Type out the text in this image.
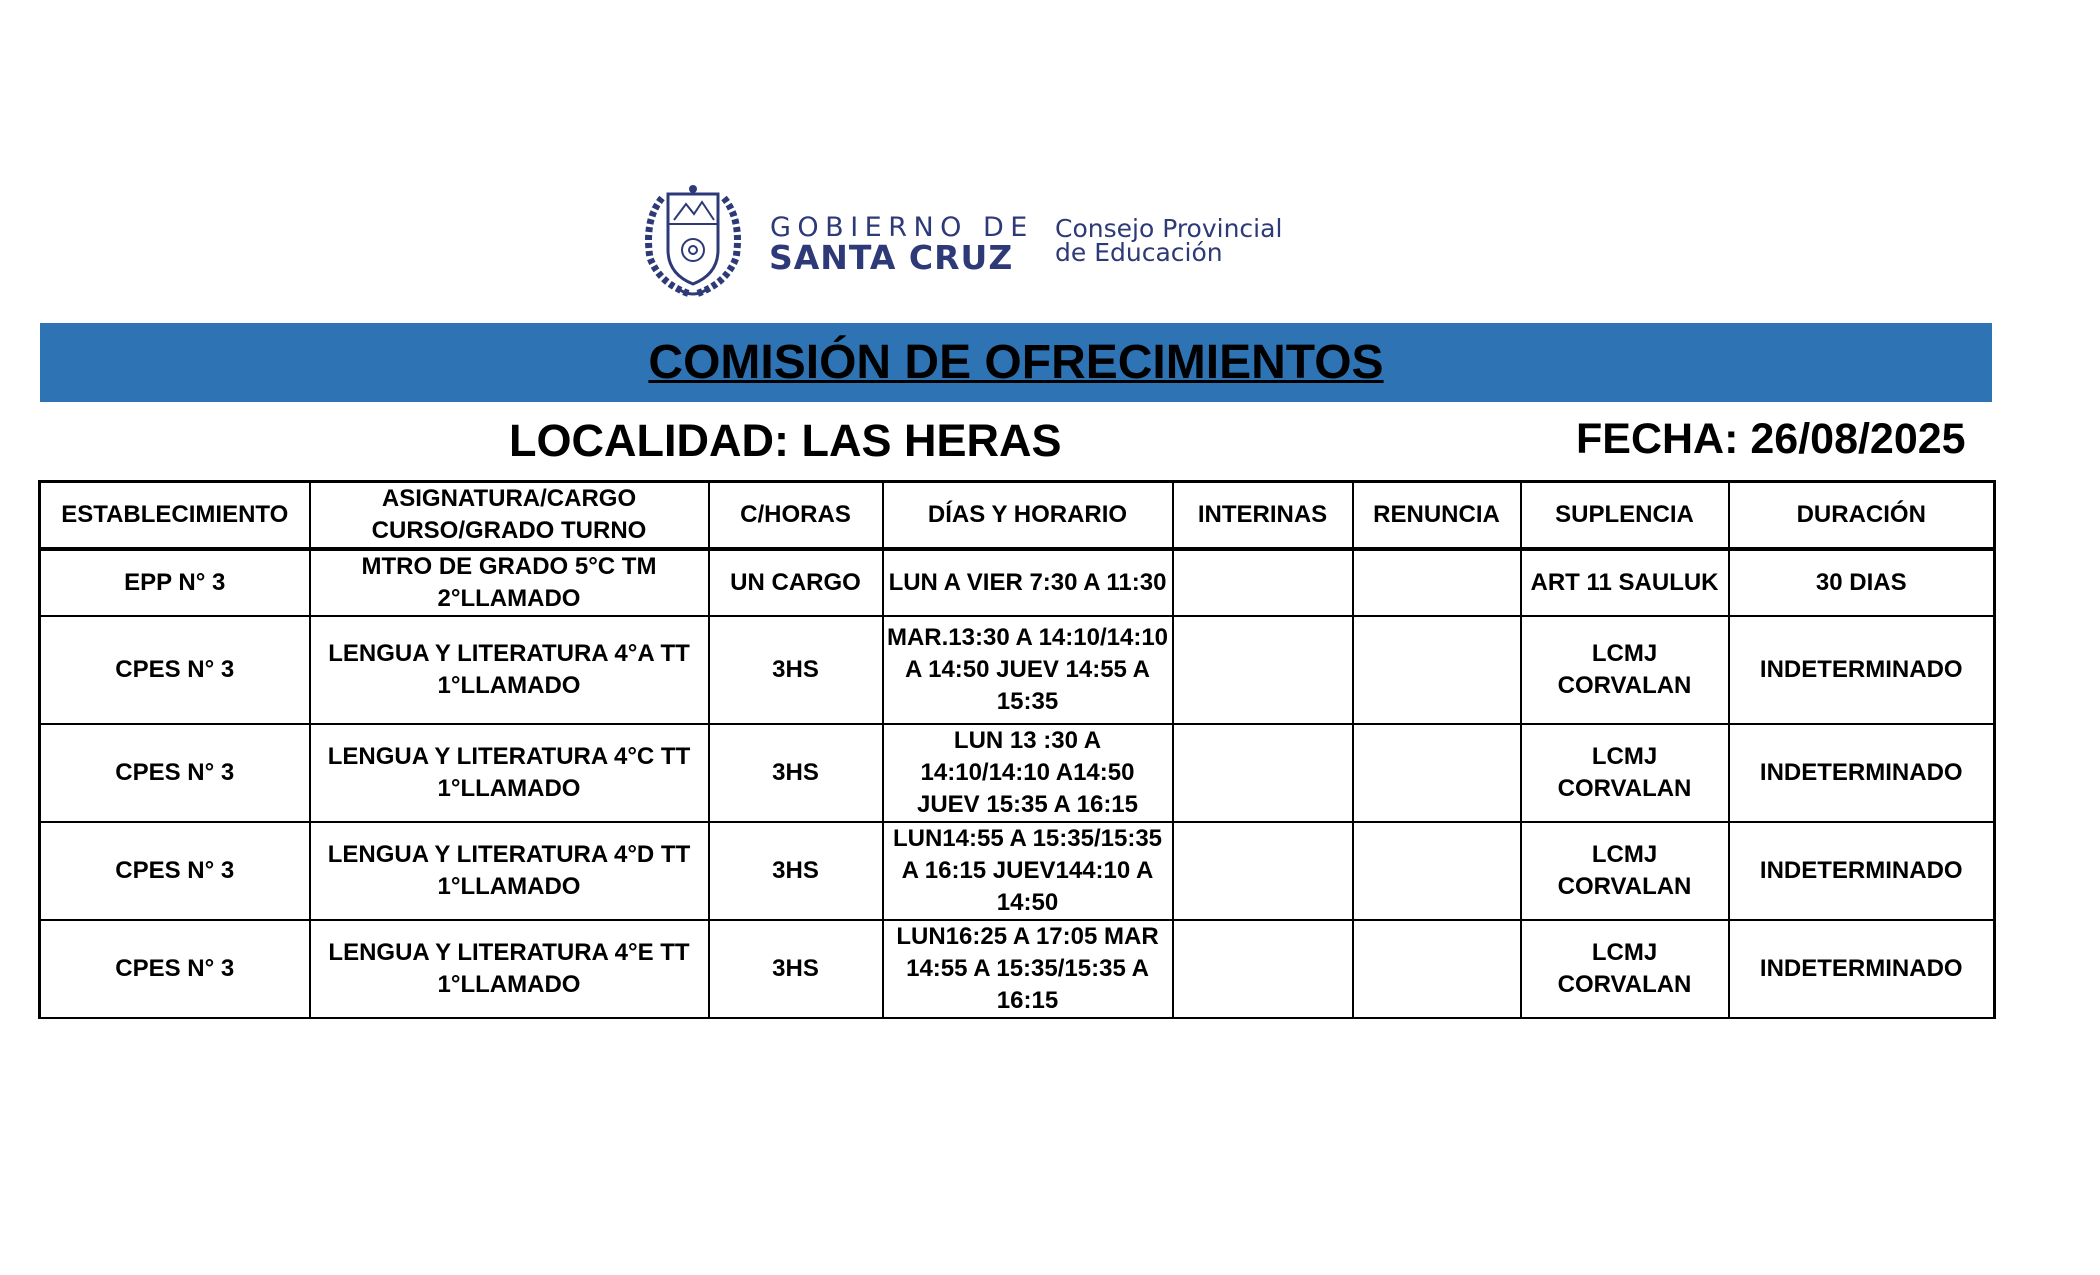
GOBIERNO DE
SANTA CRUZ
Consejo Provincial
de Educación
COMISIÓN DE OFRECIMIENTOS
LOCALIDAD: LAS HERAS	FECHA: 26/08/2025
ESTABLECIMIENTO	ASIGNATURA/CARGO CURSO/GRADO TURNO	C/HORAS	DÍAS Y HORARIO	INTERINAS	RENUNCIA	SUPLENCIA	DURACIÓN
EPP N° 3	MTRO DE GRADO 5°C TM 2°LLAMADO	UN CARGO	LUN A VIER 7:30 A 11:30			ART 11 SAULUK	30 DIAS
CPES N° 3	LENGUA Y LITERATURA 4°A TT 1°LLAMADO	3HS	MAR.13:30 A 14:10/14:10 A 14:50 JUEV 14:55 A 15:35			LCMJ CORVALAN	INDETERMINADO
CPES N° 3	LENGUA Y LITERATURA 4°C TT 1°LLAMADO	3HS	LUN 13 :30 A 14:10/14:10 A14:50 JUEV 15:35 A 16:15			LCMJ CORVALAN	INDETERMINADO
CPES N° 3	LENGUA Y LITERATURA 4°D TT 1°LLAMADO	3HS	LUN14:55 A 15:35/15:35 A 16:15 JUEV144:10 A 14:50			LCMJ CORVALAN	INDETERMINADO
CPES N° 3	LENGUA Y LITERATURA 4°E TT 1°LLAMADO	3HS	LUN16:25 A 17:05 MAR 14:55 A 15:35/15:35 A 16:15			LCMJ CORVALAN	INDETERMINADO
